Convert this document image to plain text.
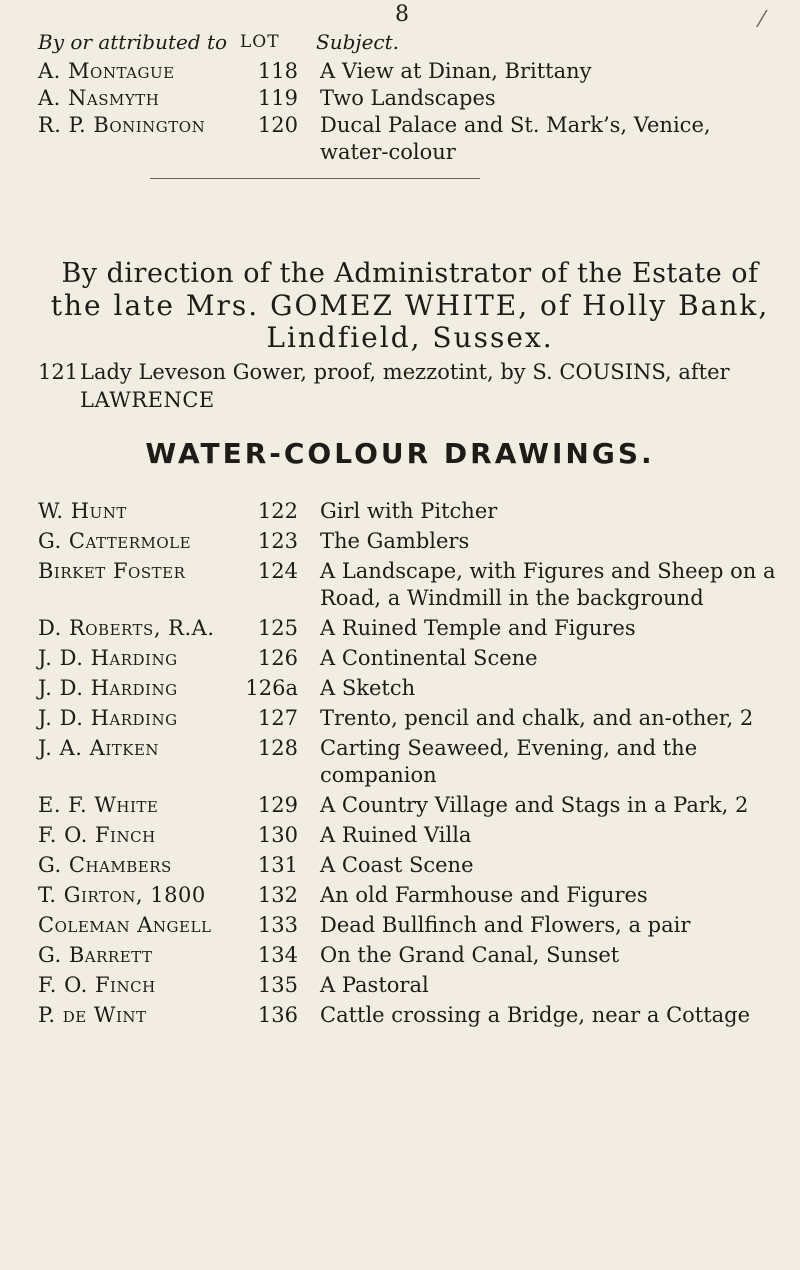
8	⁄
By or attributed to LOT Subject.
A. Montague	118 A View at Dinan, Brittany
A. Nasmyth	119 Two Landscapes
R. P. Bonington	120 Ducal Palace and St. Mark’s, Venice, water-colour
By direction of the Administrator of the Estate of
the late Mrs. GOMEZ WHITE, of Holly Bank,
Lindfield, Sussex.
121Lady Leveson Gower, proof, mezzotint, by S. COUSINS, after
LAWRENCE
WATER-COLOUR DRAWINGS.
W. Hunt	122 Girl with Pitcher
G. Cattermole	123 The Gamblers
Birket Foster	124 A Landscape, with Figures and Sheep on a Road, a Windmill in the background
D. Roberts, R.A.	125 A Ruined Temple and Figures
J. D. Harding	126 A Continental Scene
J. D. Harding	126a A Sketch
J. D. Harding	127 Trento, pencil and chalk, and an-other, 2
J. A. Aitken	128 Carting Seaweed, Evening, and the companion
E. F. White	129 A Country Village and Stags in a Park, 2
F. O. Finch	130 A Ruined Villa
G. Chambers	131 A Coast Scene
T. Girton, 1800	132 An old Farmhouse and Figures
Coleman Angell	133 Dead Bullfinch and Flowers, a pair
G. Barrett	134 On the Grand Canal, Sunset
F. O. Finch	135 A Pastoral
P. de Wint	136 Cattle crossing a Bridge, near a Cottage
